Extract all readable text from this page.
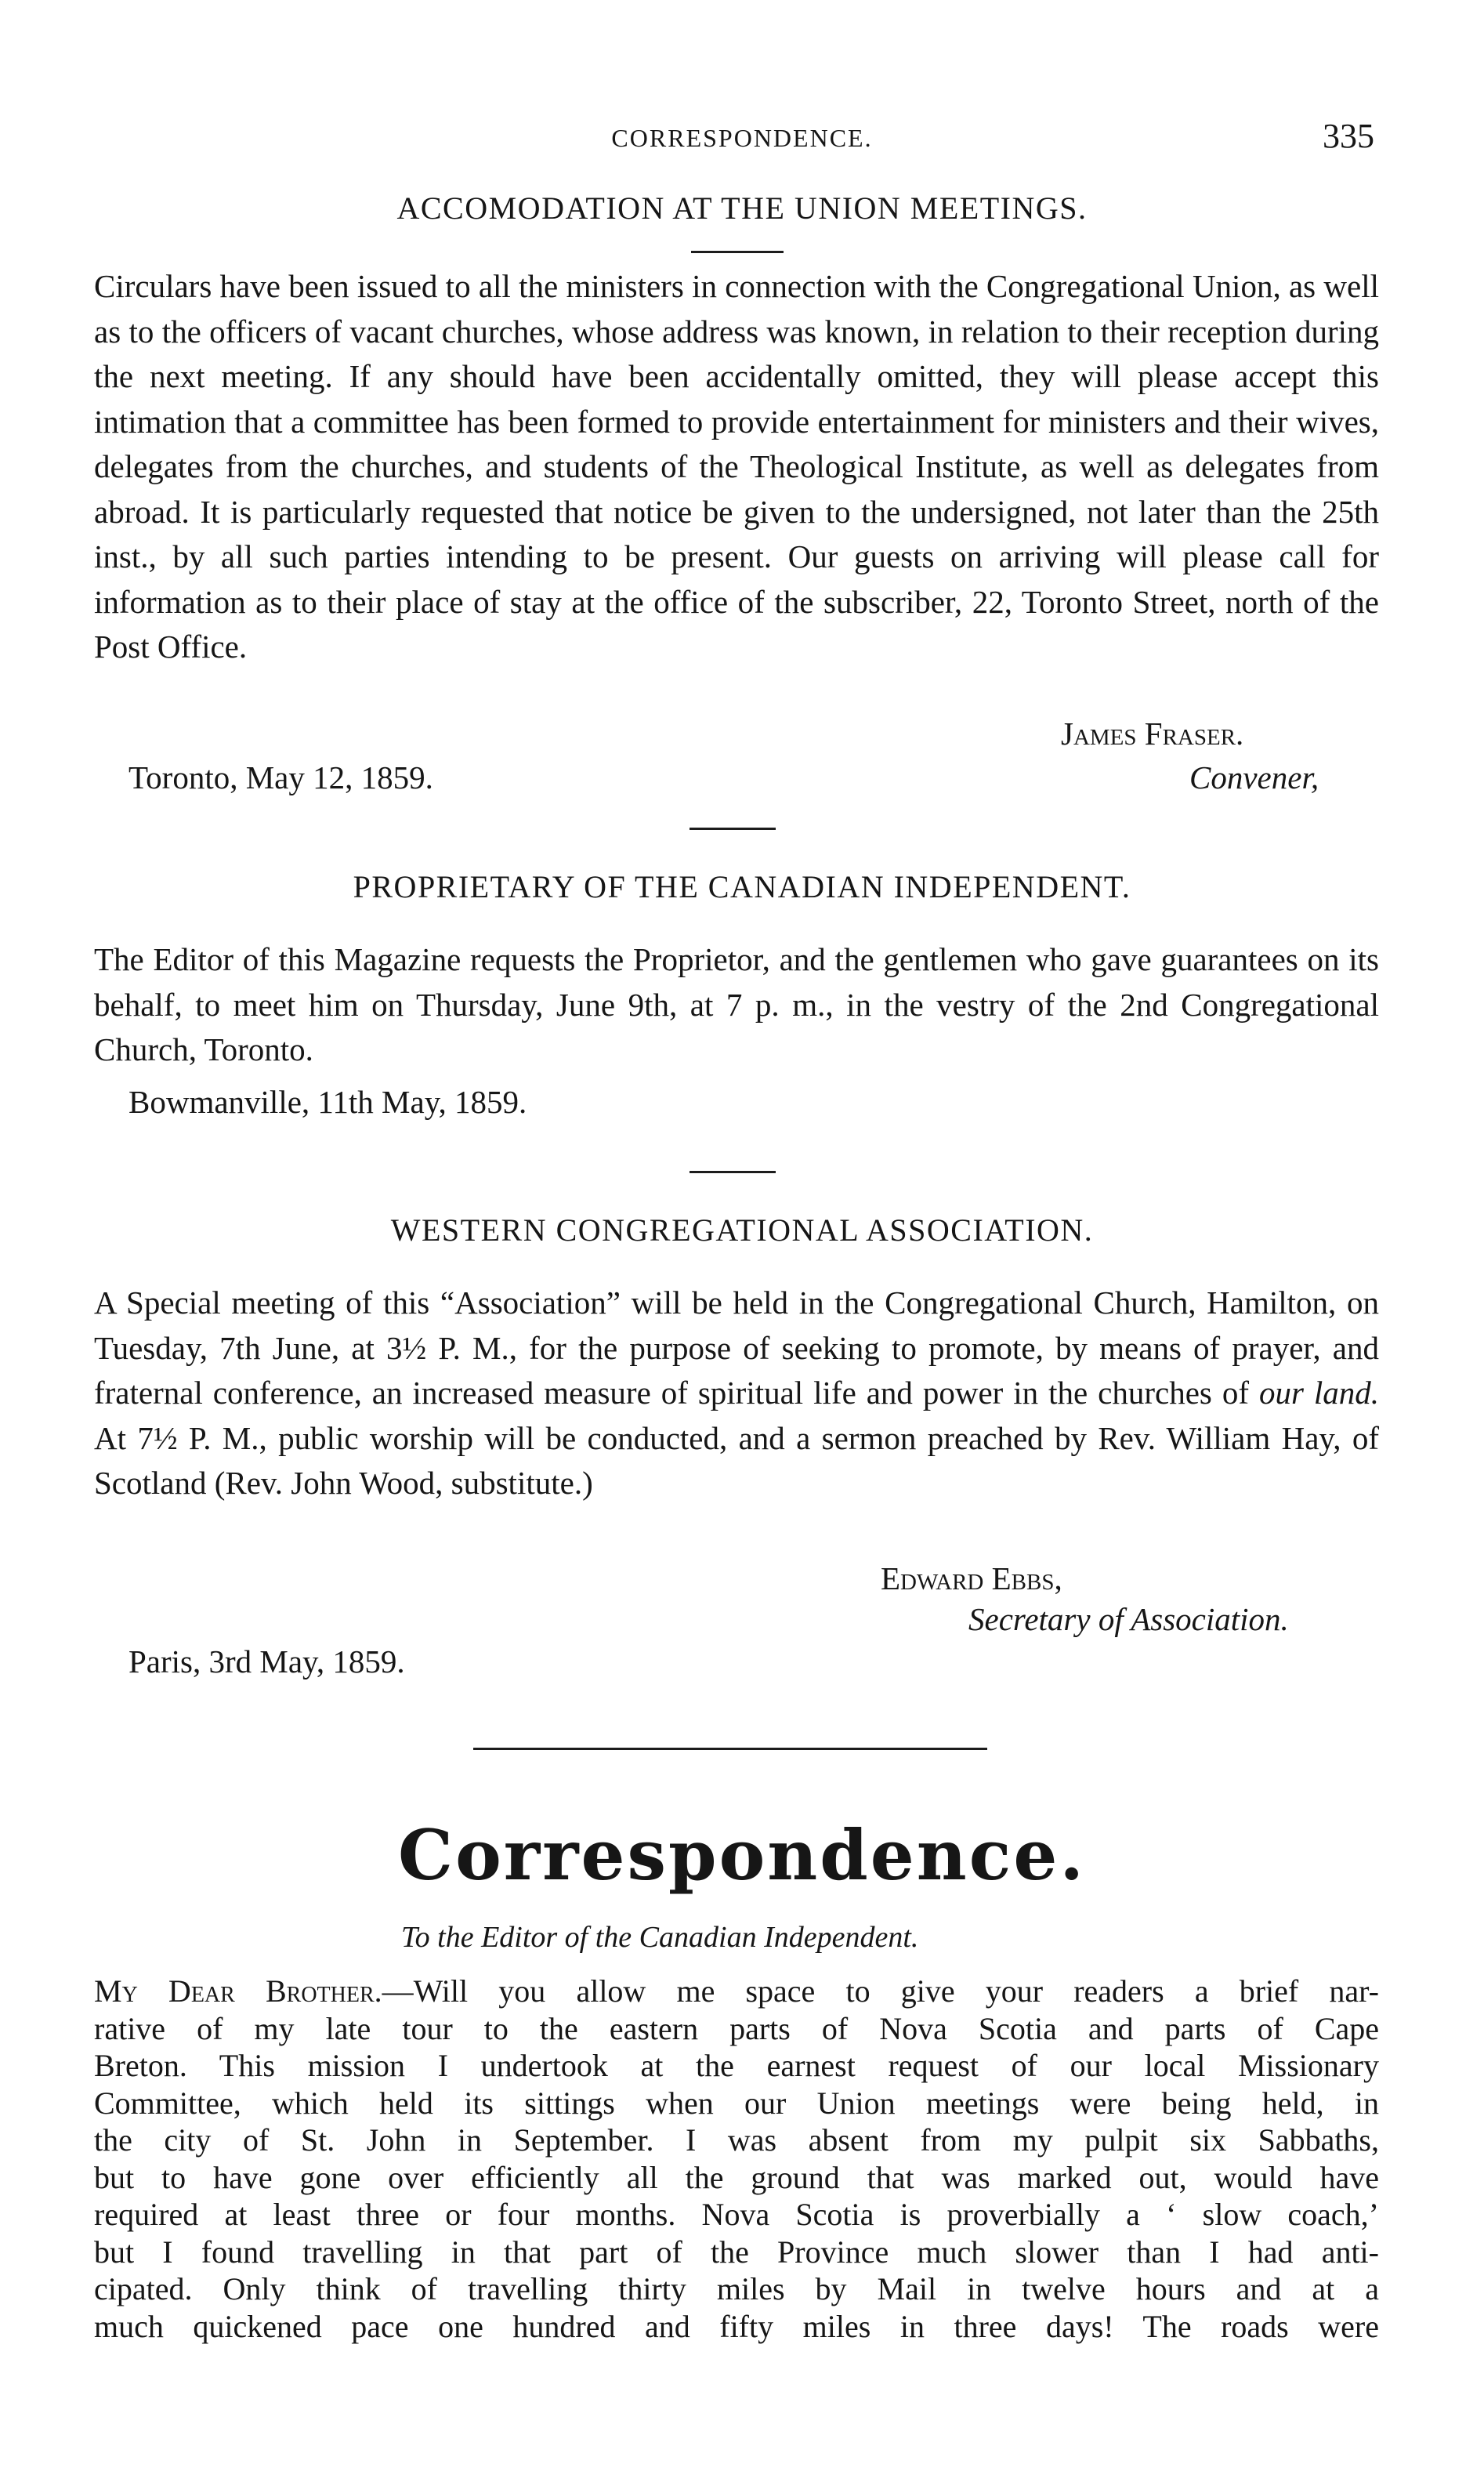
CORRESPONDENCE.	335
ACCOMODATION AT THE UNION MEETINGS.
Circulars have been issued to all the ministers in connection with the Congregational Union, as well as to the officers of vacant churches, whose address was known, in relation to their reception during the next meeting. If any should have been accidentally omitted, they will please accept this intimation that a committee has been formed to provide entertainment for ministers and their wives, delegates from the churches, and students of the Theological Institute, as well as delegates from abroad. It is particularly requested that notice be given to the undersigned, not later than the 25th inst., by all such parties intending to be present. Our guests on arriving will please call for information as to their place of stay at the office of the subscriber, 22, Toronto Street, north of the Post Office.
James Fraser.
Toronto, May 12, 1859.	Convener,
PROPRIETARY OF THE CANADIAN INDEPENDENT.
The Editor of this Magazine requests the Proprietor, and the gentlemen who gave guarantees on its behalf, to meet him on Thursday, June 9th, at 7 p. m., in the vestry of the 2nd Congregational Church, Toronto.
Bowmanville, 11th May, 1859.
WESTERN CONGREGATIONAL ASSOCIATION.
A Special meeting of this “Association” will be held in the Congregational Church, Hamilton, on Tuesday, 7th June, at 3½ P. M., for the purpose of seeking to promote, by means of prayer, and fraternal conference, an increased measure of spiritual life and power in the churches of our land. At 7½ P. M., public worship will be conducted, and a sermon preached by Rev. William Hay, of Scotland (Rev. John Wood, substitute.)
Edward Ebbs,
Secretary of Association.
Paris, 3rd May, 1859.
Correspondence.
To the Editor of the Canadian Independent.
My Dear Brother.—Will you allow me space to give your readers a brief nar-
rative of my late tour to the eastern parts of Nova Scotia and parts of Cape
Breton. This mission I undertook at the earnest request of our local Missionary
Committee, which held its sittings when our Union meetings were being held, in
the city of St. John in September. I was absent from my pulpit six Sabbaths,
but to have gone over efficiently all the ground that was marked out, would have
required at least three or four months. Nova Scotia is proverbially a ‘ slow coach,’
but I found travelling in that part of the Province much slower than I had anti-
cipated. Only think of travelling thirty miles by Mail in twelve hours and at a
much quickened pace one hundred and fifty miles in three days! The roads were
